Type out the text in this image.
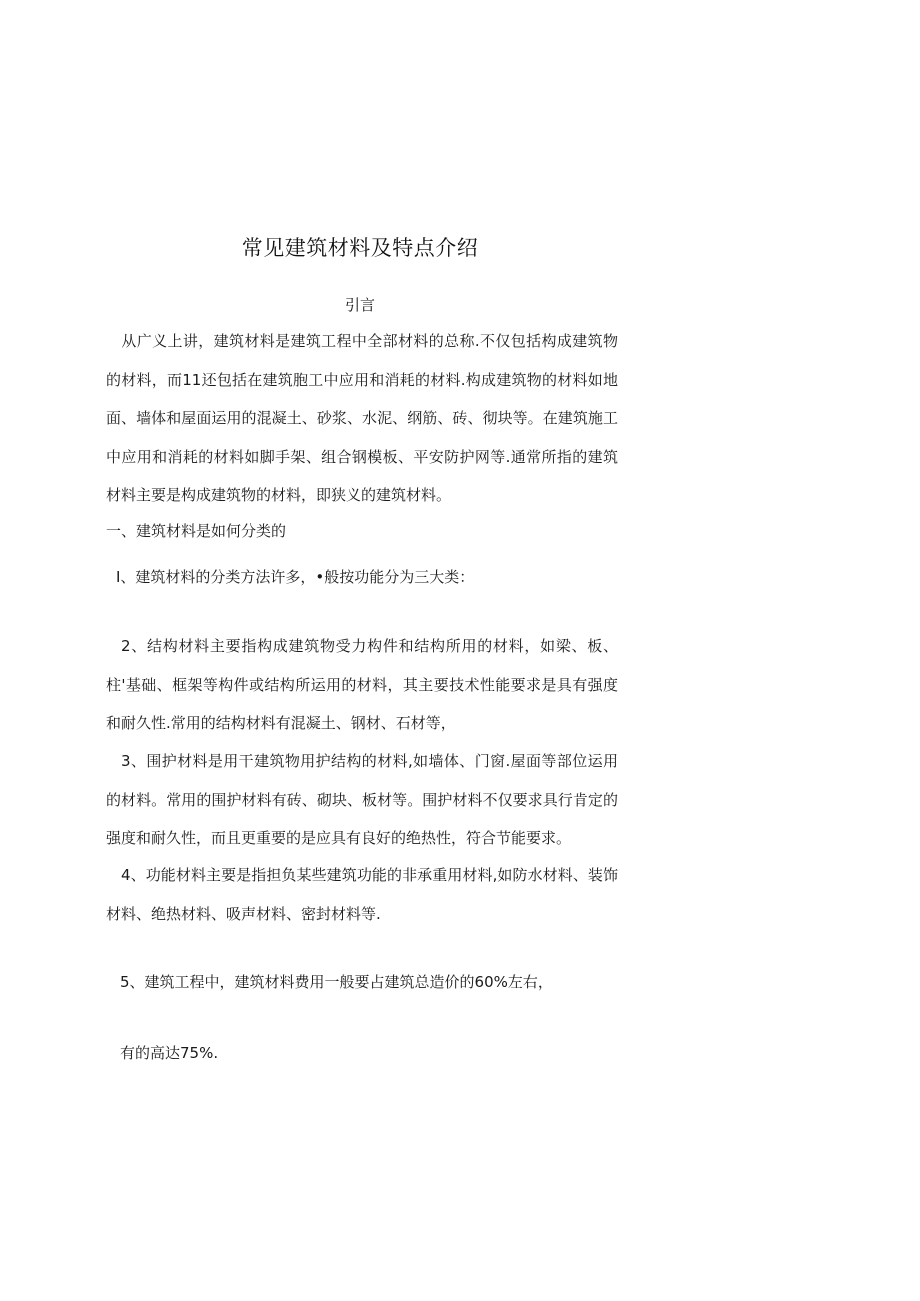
常见建筑材料及特点介绍
引言
从广义上讲，建筑材料是建筑工程中全部材料的总称.不仅包括构成建筑物的材料，而11还包括在建筑胞工中应用和消耗的材料.构成建筑物的材料如地面、墙体和屋面运用的混凝土、砂浆、水泥、纲筋、砖、彻块等。在建筑施工中应用和消耗的材料如脚手架、组合钢模板、平安防护网等.通常所指的建筑材料主要是构成建筑物的材料，即狭义的建筑材料。
一、建筑材料是如何分类的
I、建筑材料的分类方法许多，•般按功能分为三大类：
2、结构材料主要指构成建筑物受力构件和结构所用的材料，如梁、板、柱'基础、框架等构件或结构所运用的材料，其主要技术性能要求是具有强度和耐久性.常用的结构材料有混凝土、钢材、石材等，
3、围护材料是用干建筑物用护结构的材料,如墙体、门窗.屋面等部位运用的材料。常用的围护材料有砖、砌块、板材等。围护材料不仅要求具行肯定的强度和耐久性，而且更重要的是应具有良好的绝热性，符合节能要求。
4、功能材料主要是指担负某些建筑功能的非承重用材料,如防水材料、装饰材料、绝热材料、吸声材料、密封材料等.
5、建筑工程中，建筑材料费用一般要占建筑总造价的60%左右，
有的高达75%.
